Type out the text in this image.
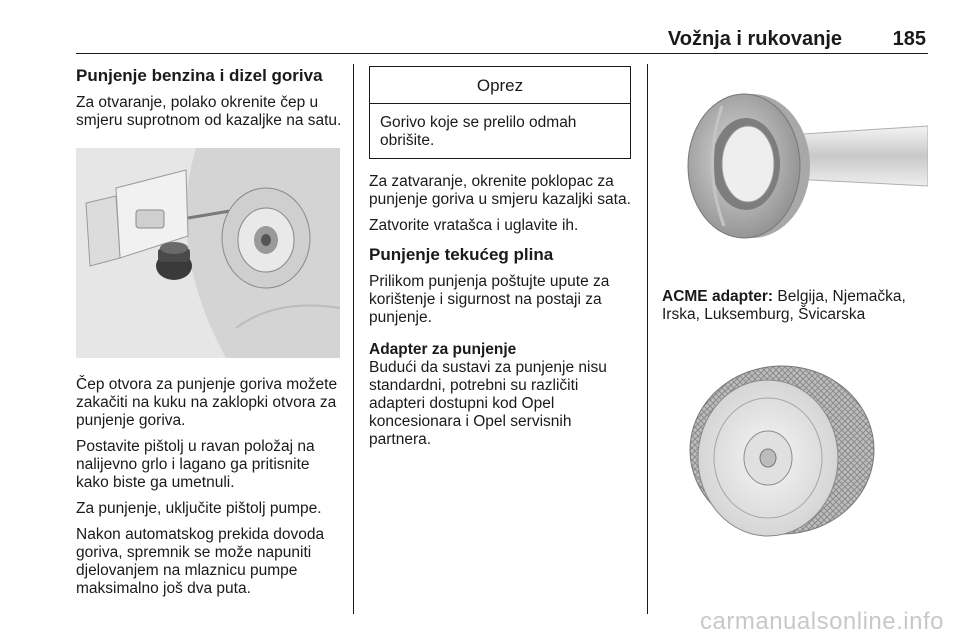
Vožnja i rukovanje	185
Punjenje benzina i dizel goriva

Za otvaranje, polako okrenite čep u smjeru suprotnom od kazaljke na satu.

Čep otvora za punjenje goriva možete zakačiti na kuku na zaklopki otvora za punjenje goriva.

Postavite pištolj u ravan položaj na nalijevno grlo i lagano ga pritisnite kako biste ga umetnuli.

Za punjenje, uključite pištolj pumpe.

Nakon automatskog prekida dovoda goriva, spremnik se može napuniti djelovanjem na mlaznicu pumpe maksimalno još dva puta.

Oprez
Gorivo koje se prelilo odmah obrišite.

Za zatvaranje, okrenite poklopac za punjenje goriva u smjeru kazaljki sata.

Zatvorite vratašca i uglavite ih.

Punjenje tekućeg plina

Prilikom punjenja poštujte upute za korištenje i sigurnost na postaji za punjenje.

Adapter za punjenje

Budući da sustavi za punjenje nisu standardni, potrebni su različiti adapteri dostupni kod Opel koncesionara i Opel servisnih partnera.

ACME adapter: Belgija, Njemačka, Irska, Luksemburg, Švicarska

carmanualsonline.info
